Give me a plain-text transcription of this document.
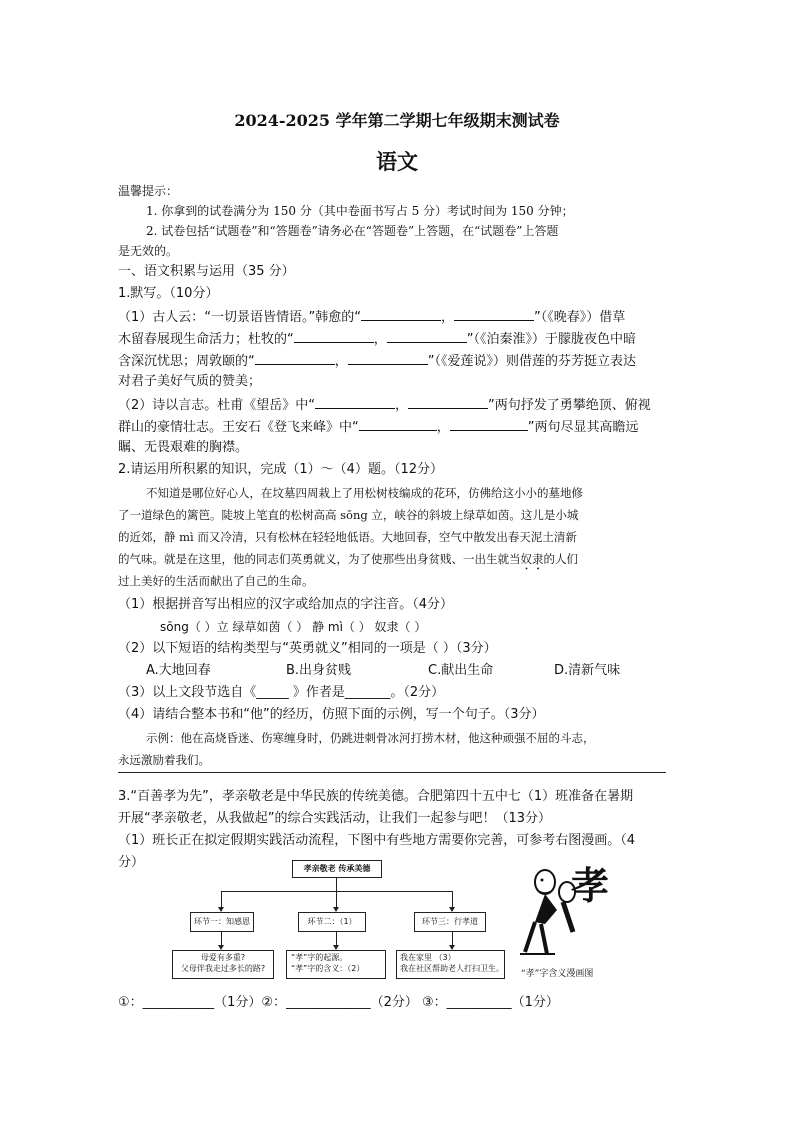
2024-2025 学年第二学期七年级期末测试卷
语文
温馨提示：
1. 你拿到的试卷满分为 150 分（其中卷面书写占 5 分）考试时间为 150 分钟；
2. 试卷包括“试题卷”和“答题卷”请务必在“答题卷”上答题，在“试题卷”上答题
是无效的。
一、语文积累与运用（35 分）
1.默写。（10分）
（1）古人云：“一切景语皆情语。”韩愈的“	，	”（《晚春》）借草
木留春展现生命活力；杜牧的“	，	”（《泊秦淮》）于朦胧夜色中暗
含深沉忧思；周敦颐的“	，	”（《爱莲说》）则借莲的芬芳挺立表达
对君子美好气质的赞美；
（2）诗以言志。杜甫《望岳》中“	，	”两句抒发了勇攀绝顶、俯视
群山的豪情壮志。王安石《登飞来峰》中“	，	”两句尽显其高瞻远
瞩、无畏艰难的胸襟。
2.请运用所积累的知识，完成（1）～（4）题。（12分）
不知道是哪位好心人，在坟墓四周栽上了用松树枝编成的花环，仿佛给这小小的墓地修
了一道绿色的篱笆。陡坡上笔直的松树高高 sōng 立，峡谷的斜坡上绿草如茵。这儿是小城
的近郊，静 mì 而又冷清，只有松林在轻轻地低语。大地回春，空气中散发出春天泥土清新
的气味。就是在这里，他的同志们英勇就义，为了使那些出身贫贱、一出生就当奴隶的人们
过上美好的生活而献出了自己的生命。
（1）根据拼音写出相应的汉字或给加点的字注音。（4分）
sōng（ ）立 绿草如茵（ ） 静 mì（ ） 奴隶（ ）
（2）以下短语的结构类型与“英勇就义”相同的一项是（ ）（3分）
A.大地回春	B.出身贫贱	C.献出生命	D.清新气味
（3）以上文段节选自《_____ 》作者是_______。（2分）
（4）请结合整本书和“他”的经历，仿照下面的示例，写一个句子。（3分）
示例：他在高烧昏迷、伤寒缠身时，仍跳进刺骨冰河打捞木材，他这种顽强不屈的斗志，
永远激励着我们。
3.“百善孝为先”，孝亲敬老是中华民族的传统美德。合肥第四十五中七（1）班准备在暑期
开展“孝亲敬老，从我做起”的综合实践活动，让我们一起参与吧！（13分）
（1）班长正在拟定假期实践活动流程，下图中有些地方需要你完善，可参考右图漫画。（4
分）	孝亲敬老 传承美德
环节一：知感恩	环节二：（1）	环节三：行孝道
母爱有多重?
父母伴我走过多长的路?
“孝”字的起源。
“孝”字的含义：（2）
我在家里 （3）
我在社区帮助老人打扫卫生。
孝
“孝”字含义漫画图
①：___________（1分）②：_____________（2分） ③：__________（1分）
